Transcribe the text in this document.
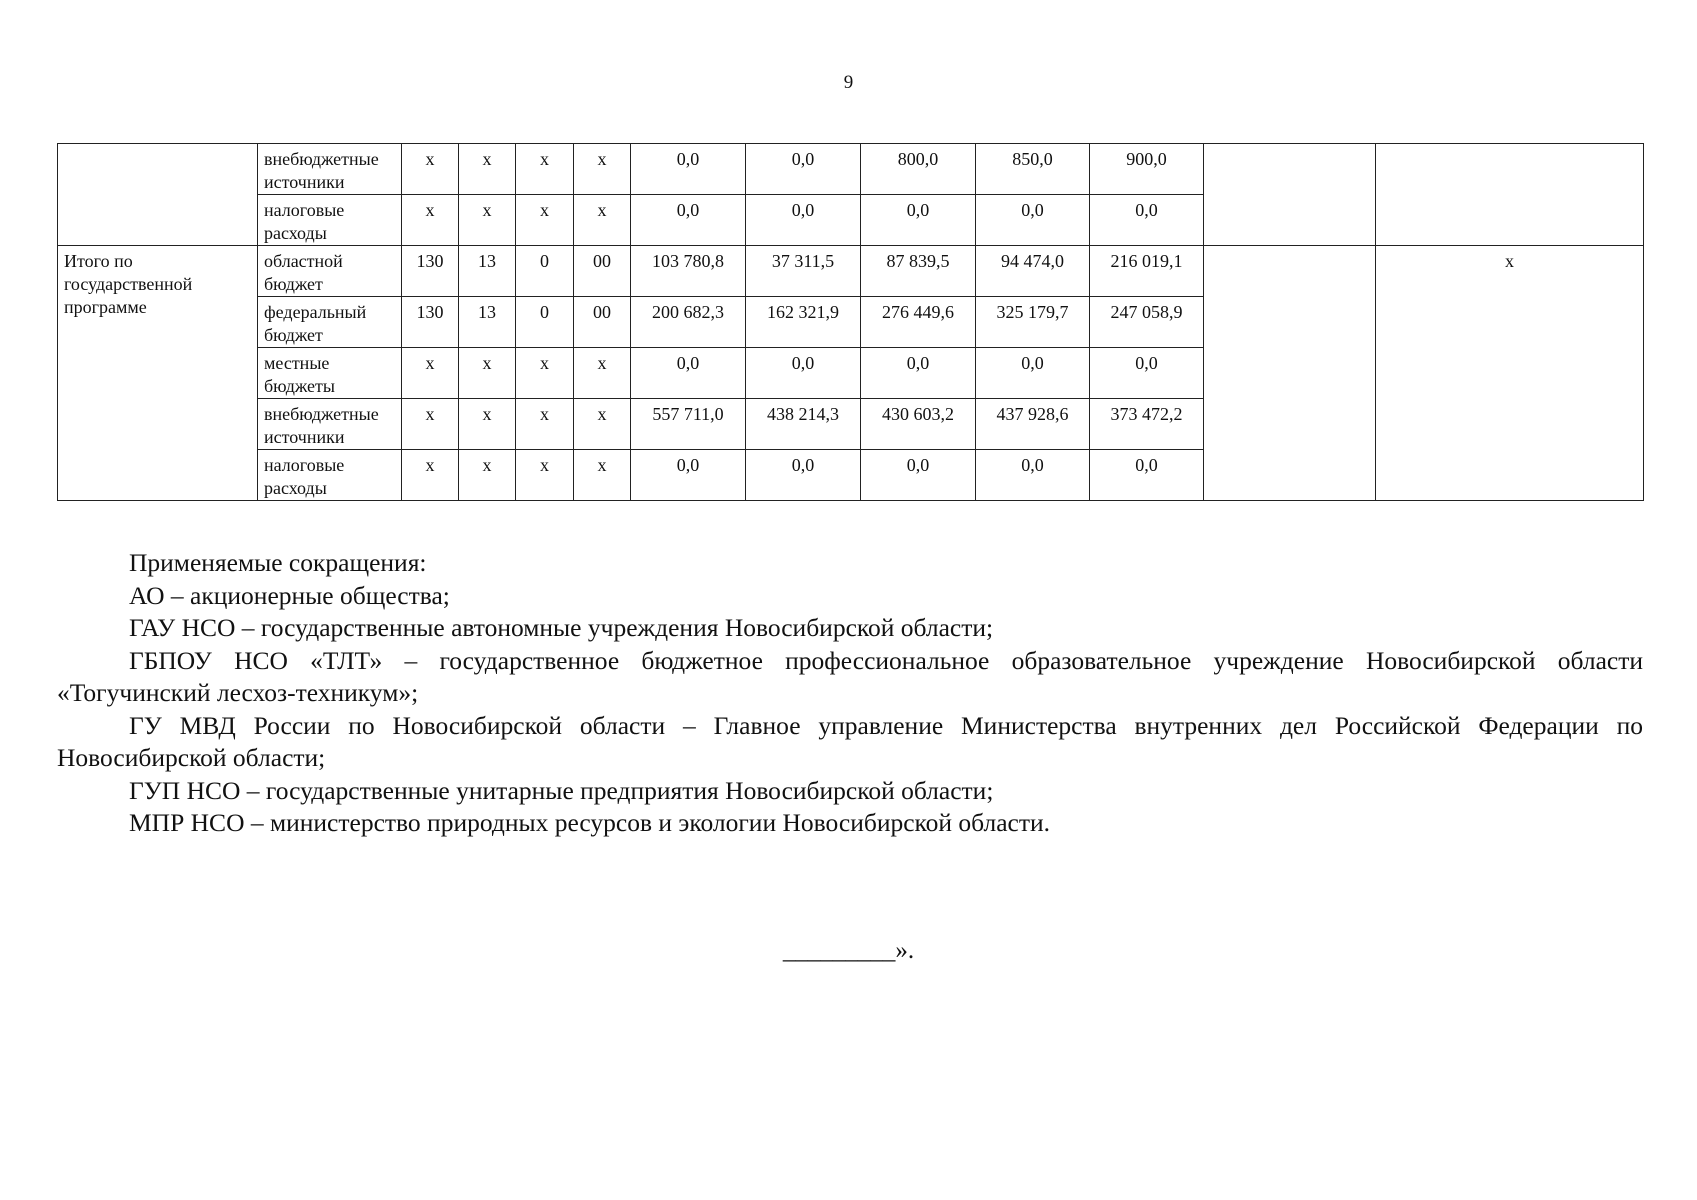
9
	внебюджетные источники	х	х	х	х	0,0	0,0	800,0	850,0	900,0		
	налоговые расходы	х	х	х	х	0,0	0,0	0,0	0,0	0,0		
Итого по государственной программе	областной бюджет	130	13	0	00	103 780,8	37 311,5	87 839,5	94 474,0	216 019,1		х
	федеральный бюджет	130	13	0	00	200 682,3	162 321,9	276 449,6	325 179,7	247 058,9		
	местные бюджеты	х	х	х	х	0,0	0,0	0,0	0,0	0,0		
	внебюджетные источники	х	х	х	х	557 711,0	438 214,3	430 603,2	437 928,6	373 472,2		
	налоговые расходы	х	х	х	х	0,0	0,0	0,0	0,0	0,0		

Применяемые сокращения:

АО – акционерные общества;

ГАУ НСО – государственные автономные учреждения Новосибирской области;

ГБПОУ НСО «ТЛТ» – государственное бюджетное профессиональное образовательное учреждение Новосибирской области «Тогучинский лесхоз-техникум»;

ГУ МВД России по Новосибирской области – Главное управление Министерства внутренних дел Российской Федерации по Новосибирской области;

ГУП НСО – государственные унитарные предприятия Новосибирской области;

МПР НСО – министерство природных ресурсов и экологии Новосибирской области.

_________».
